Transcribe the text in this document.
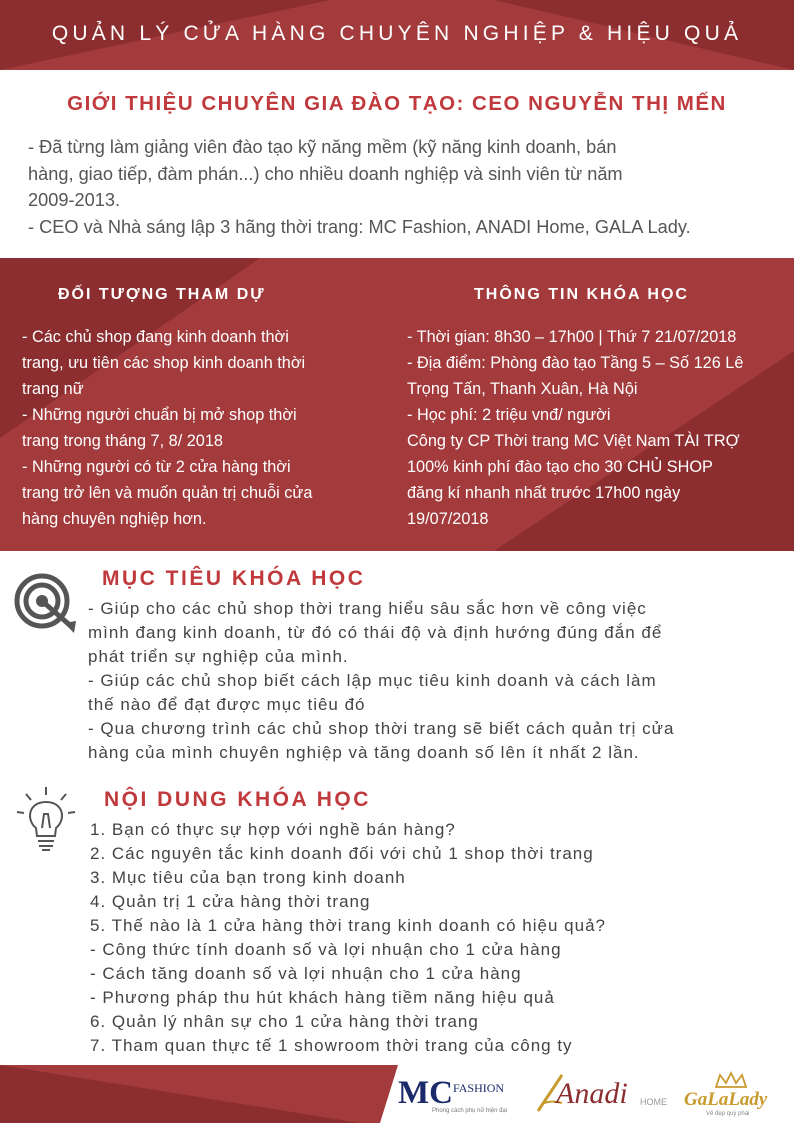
QUẢN LÝ CỬA HÀNG CHUYÊN NGHIỆP & HIỆU QUẢ
GIỚI THIỆU CHUYÊN GIA ĐÀO TẠO: CEO NGUYỄN THỊ MẾN
- Đã từng làm giảng viên đào tạo kỹ năng mềm (kỹ năng kinh doanh, bán
hàng, giao tiếp, đàm phán...) cho nhiều doanh nghiệp và sinh viên từ năm
2009-2013.
- CEO và Nhà sáng lập 3 hãng thời trang: MC Fashion, ANADI Home, GALA Lady.
ĐỐI TƯỢNG THAM DỰ
- Các chủ shop đang kinh doanh thời
trang, ưu tiên các shop kinh doanh thời
trang nữ
- Những người chuẩn bị mở shop thời
trang trong tháng 7, 8/ 2018
- Những người có từ 2 cửa hàng thời
trang trở lên và muốn quản trị chuỗi cửa
hàng chuyên nghiệp hơn.
THÔNG TIN KHÓA HỌC
- Thời gian: 8h30 – 17h00 | Thứ 7 21/07/2018
- Địa điểm: Phòng đào tạo Tầng 5 – Số 126 Lê
Trọng Tấn, Thanh Xuân, Hà Nội
- Học phí: 2 triệu vnđ/ người
Công ty CP Thời trang MC Việt Nam TÀI TRỢ
100% kinh phí đào tạo cho 30 CHỦ SHOP
đăng kí nhanh nhất trước 17h00 ngày
19/07/2018
MỤC TIÊU KHÓA HỌC
- Giúp cho các chủ shop thời trang hiểu sâu sắc hơn về công việc
mình đang kinh doanh, từ đó có thái độ và định hướng đúng đắn để
phát triển sự nghiệp của mình.
- Giúp các chủ shop biết cách lập mục tiêu kinh doanh và cách làm
thế nào để đạt được mục tiêu đó
- Qua chương trình các chủ shop thời trang sẽ biết cách quản trị cửa
hàng của mình chuyên nghiệp và tăng doanh số lên ít nhất 2 lần.
NỘI DUNG KHÓA HỌC
1. Bạn có thực sự hợp với nghề bán hàng?
2. Các nguyên tắc kinh doanh đối với chủ 1 shop thời trang
3. Mục tiêu của bạn trong kinh doanh
4. Quản trị 1 cửa hàng thời trang
5. Thế nào là 1 cửa hàng thời trang kinh doanh có hiệu quả?
- Công thức tính doanh số và lợi nhuận cho 1 cửa hàng
- Cách tăng doanh số và lợi nhuận cho 1 cửa hàng
- Phương pháp thu hút khách hàng tiềm năng hiệu quả
6. Quản lý nhân sự cho 1 cửa hàng thời trang
7. Tham quan thực tế 1 showroom thời trang của công ty
$MC^{FASHION}$
Phong cách phụ nữ hiện đại
Anadi HOME GaLaLady
Vẻ đẹp quý phái
